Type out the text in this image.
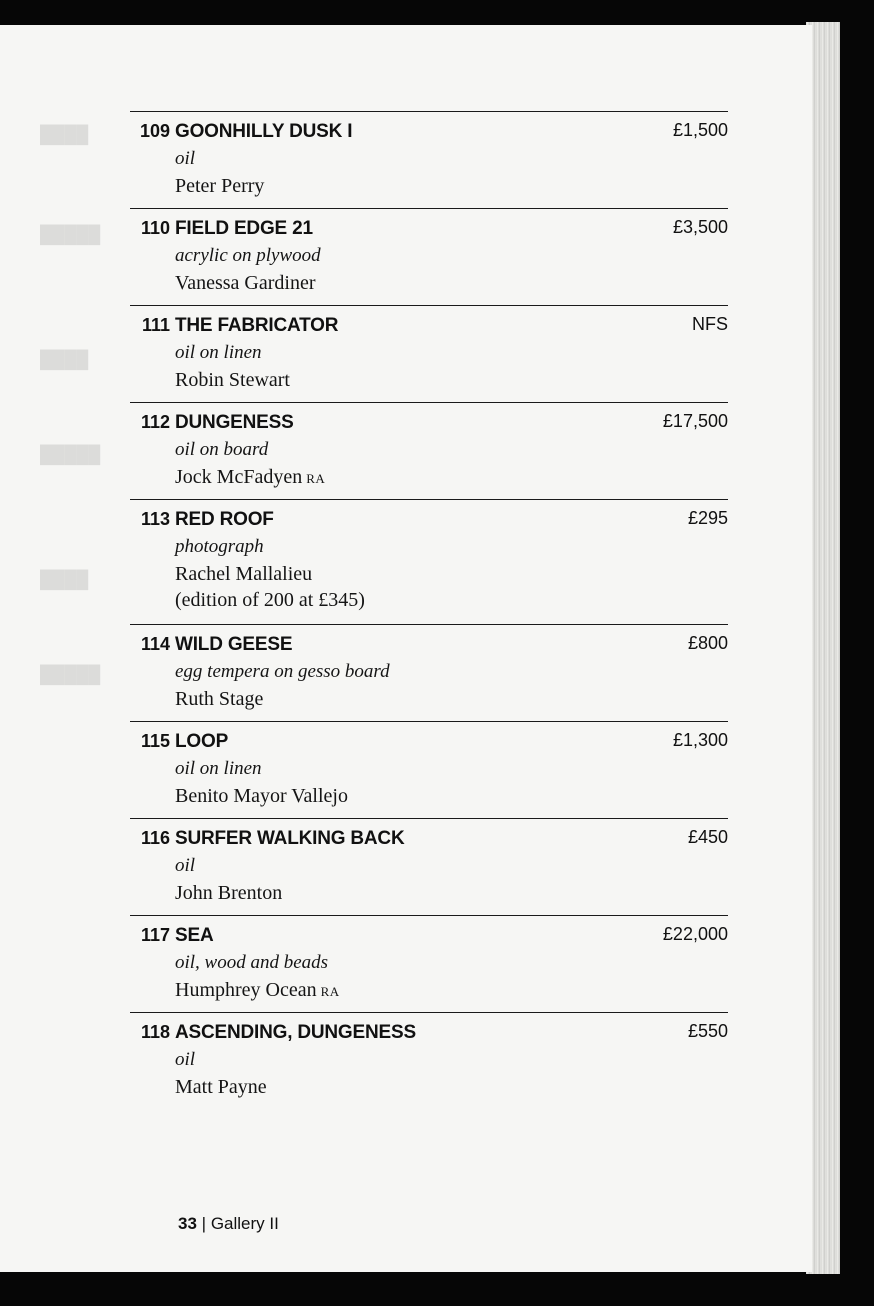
████
█████
████
█████
████
█████
109 GOONHILLY DUSK I	£1,500
oil
Peter Perry
110 FIELD EDGE 21	£3,500
acrylic on plywood
Vanessa Gardiner
111 THE FABRICATOR	NFS
oil on linen
Robin Stewart
112 DUNGENESS	£17,500
oil on board
Jock McFadyen RA
113 RED ROOF	£295
photograph
Rachel Mallalieu
(edition of 200 at £345)
114 WILD GEESE	£800
egg tempera on gesso board
Ruth Stage
115 LOOP	£1,300
oil on linen
Benito Mayor Vallejo
116 SURFER WALKING BACK	£450
oil
John Brenton
117 SEA	£22,000
oil, wood and beads
Humphrey Ocean RA
118 ASCENDING, DUNGENESS	£550
oil
Matt Payne
33 | Gallery II
